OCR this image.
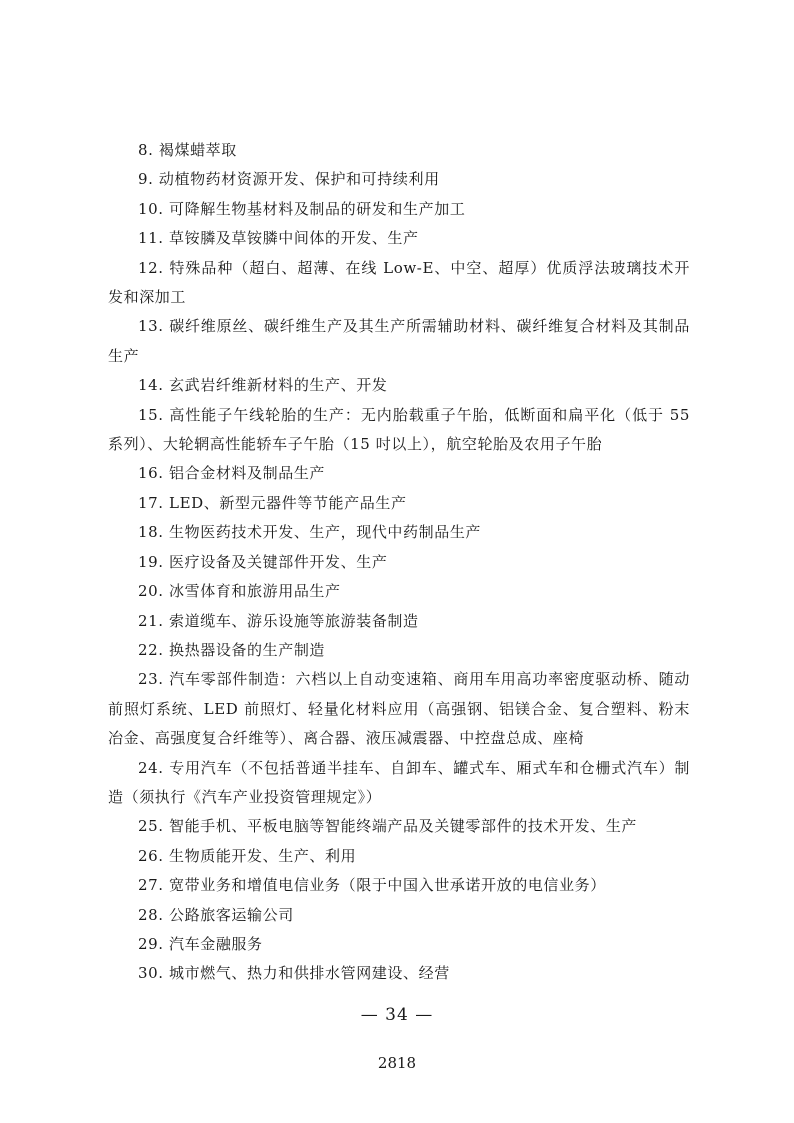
8. 褐煤蜡萃取

9. 动植物药材资源开发、保护和可持续利用

10. 可降解生物基材料及制品的研发和生产加工

11. 草铵膦及草铵膦中间体的开发、生产

12. 特殊品种（超白、超薄、在线 Low-E、中空、超厚）优质浮法玻璃技术开发和深加工

13. 碳纤维原丝、碳纤维生产及其生产所需辅助材料、碳纤维复合材料及其制品生产

14. 玄武岩纤维新材料的生产、开发

15. 高性能子午线轮胎的生产：无内胎载重子午胎，低断面和扁平化（低于 55 系列）、大轮辋高性能轿车子午胎（15 吋以上），航空轮胎及农用子午胎

16. 铝合金材料及制品生产

17. LED、新型元器件等节能产品生产

18. 生物医药技术开发、生产，现代中药制品生产

19. 医疗设备及关键部件开发、生产

20. 冰雪体育和旅游用品生产

21. 索道缆车、游乐设施等旅游装备制造

22. 换热器设备的生产制造

23. 汽车零部件制造：六档以上自动变速箱、商用车用高功率密度驱动桥、随动前照灯系统、LED 前照灯、轻量化材料应用（高强钢、铝镁合金、复合塑料、粉末冶金、高强度复合纤维等）、离合器、液压减震器、中控盘总成、座椅

24. 专用汽车（不包括普通半挂车、自卸车、罐式车、厢式车和仓栅式汽车）制造（须执行《汽车产业投资管理规定》）

25. 智能手机、平板电脑等智能终端产品及关键零部件的技术开发、生产

26. 生物质能开发、生产、利用

27. 宽带业务和增值电信业务（限于中国入世承诺开放的电信业务）

28. 公路旅客运输公司

29. 汽车金融服务

30. 城市燃气、热力和供排水管网建设、经营

— 34 —
2818
